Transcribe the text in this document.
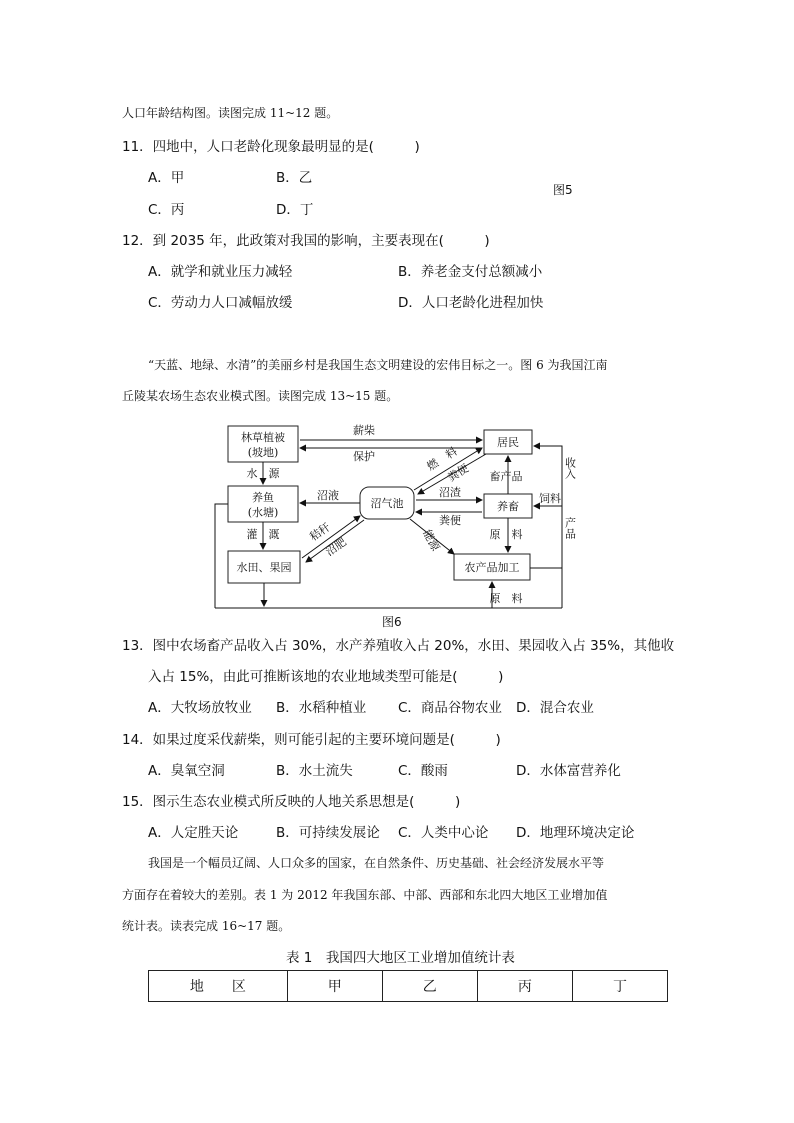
人口年龄结构图。读图完成 11~12 题。
11．四地中，人口老龄化现象最明显的是(　　　)
A．甲	B．乙
图5
C．丙	D．丁
12．到 2035 年，此政策对我国的影响，主要表现在(　　　)
A．就学和就业压力减轻	B．养老金支付总额减小
C．劳动力人口减幅放缓	D．人口老龄化进程加快
“天蓝、地绿、水清”的美丽乡村是我国生态文明建设的宏伟目标之一。图 6 为我国江南
丘陵某农场生态农业模式图。读图完成 13~15 题。
林草植被
(坡地)
养鱼
(水塘)
水田、果园
沼气池
居民
养畜
农产品加工
薪柴
保护
水　源
灌　溉
沼液
秸秆
沼肥
燃　料
粪便
沼渣
粪便
能源
畜产品
原　料
原　料
饲料
收入
产品
图6
13．图中农场畜产品收入占 30%，水产养殖收入占 20%，水田、果园收入占 35%，其他收
入占 15%，由此可推断该地的农业地域类型可能是(　　　)
A．大牧场放牧业 B．水稻种植业 C．商品谷物农业 D．混合农业
14．如果过度采伐薪柴，则可能引起的主要环境问题是(　　　)
A．臭氧空洞	B．水土流失	C．酸雨	D．水体富营养化
15．图示生态农业模式所反映的人地关系思想是(　　　)
A．人定胜天论	B．可持续发展论 C．人类中心论 D．地理环境决定论
我国是一个幅员辽阔、人口众多的国家，在自然条件、历史基础、社会经济发展水平等
方面存在着较大的差别。表 1 为 2012 年我国东部、中部、西部和东北四大地区工业增加值
统计表。读表完成 16~17 题。
表 1　我国四大地区工业增加值统计表
地　　区	甲	乙	丙	丁
